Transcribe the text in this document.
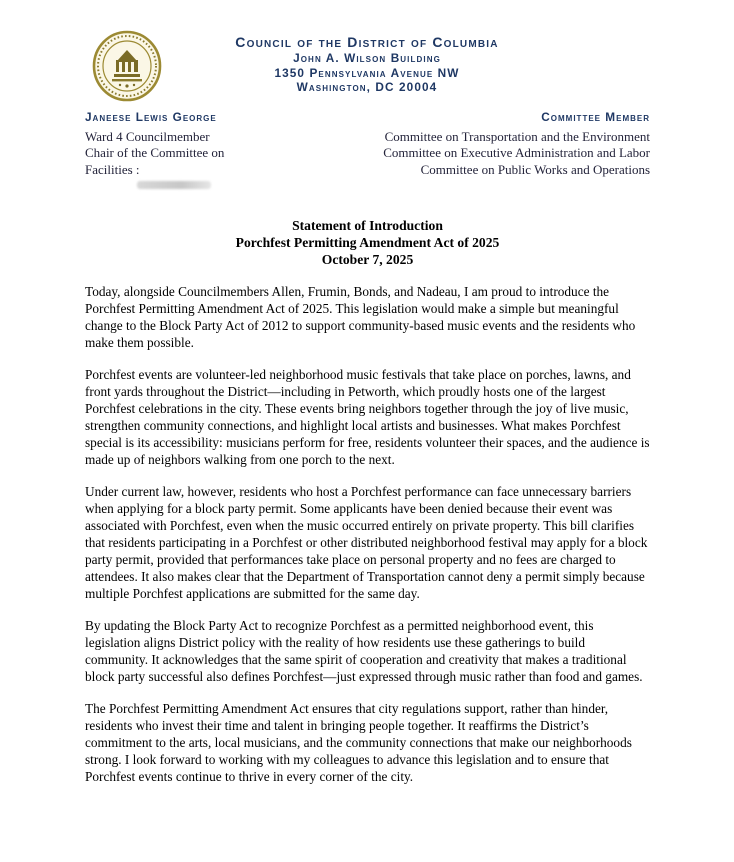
Council of the District of Columbia
John A. Wilson Building
1350 Pennsylvania Avenue NW
Washington, DC 20004
Janeese Lewis George
Ward 4 Councilmember
Chair of the Committee on
Facilities :
Committee Member
Committee on Transportation and the Environment
Committee on Executive Administration and Labor
Committee on Public Works and Operations
Statement of Introduction
Porchfest Permitting Amendment Act of 2025
October 7, 2025

Today, alongside Councilmembers Allen, Frumin, Bonds, and Nadeau, I am proud to introduce the Porchfest Permitting Amendment Act of 2025. This legislation would make a simple but meaningful change to the Block Party Act of 2012 to support community-based music events and the residents who make them possible.

Porchfest events are volunteer-led neighborhood music festivals that take place on porches, lawns, and front yards throughout the District—including in Petworth, which proudly hosts one of the largest Porchfest celebrations in the city. These events bring neighbors together through the joy of live music, strengthen community connections, and highlight local artists and businesses. What makes Porchfest special is its accessibility: musicians perform for free, residents volunteer their spaces, and the audience is made up of neighbors walking from one porch to the next.

Under current law, however, residents who host a Porchfest performance can face unnecessary barriers when applying for a block party permit. Some applicants have been denied because their event was associated with Porchfest, even when the music occurred entirely on private property. This bill clarifies that residents participating in a Porchfest or other distributed neighborhood festival may apply for a block party permit, provided that performances take place on personal property and no fees are charged to attendees. It also makes clear that the Department of Transportation cannot deny a permit simply because multiple Porchfest applications are submitted for the same day.

By updating the Block Party Act to recognize Porchfest as a permitted neighborhood event, this legislation aligns District policy with the reality of how residents use these gatherings to build community. It acknowledges that the same spirit of cooperation and creativity that makes a traditional block party successful also defines Porchfest—just expressed through music rather than food and games.

The Porchfest Permitting Amendment Act ensures that city regulations support, rather than hinder, residents who invest their time and talent in bringing people together. It reaffirms the District’s commitment to the arts, local musicians, and the community connections that make our neighborhoods strong. I look forward to working with my colleagues to advance this legislation and to ensure that Porchfest events continue to thrive in every corner of the city.
